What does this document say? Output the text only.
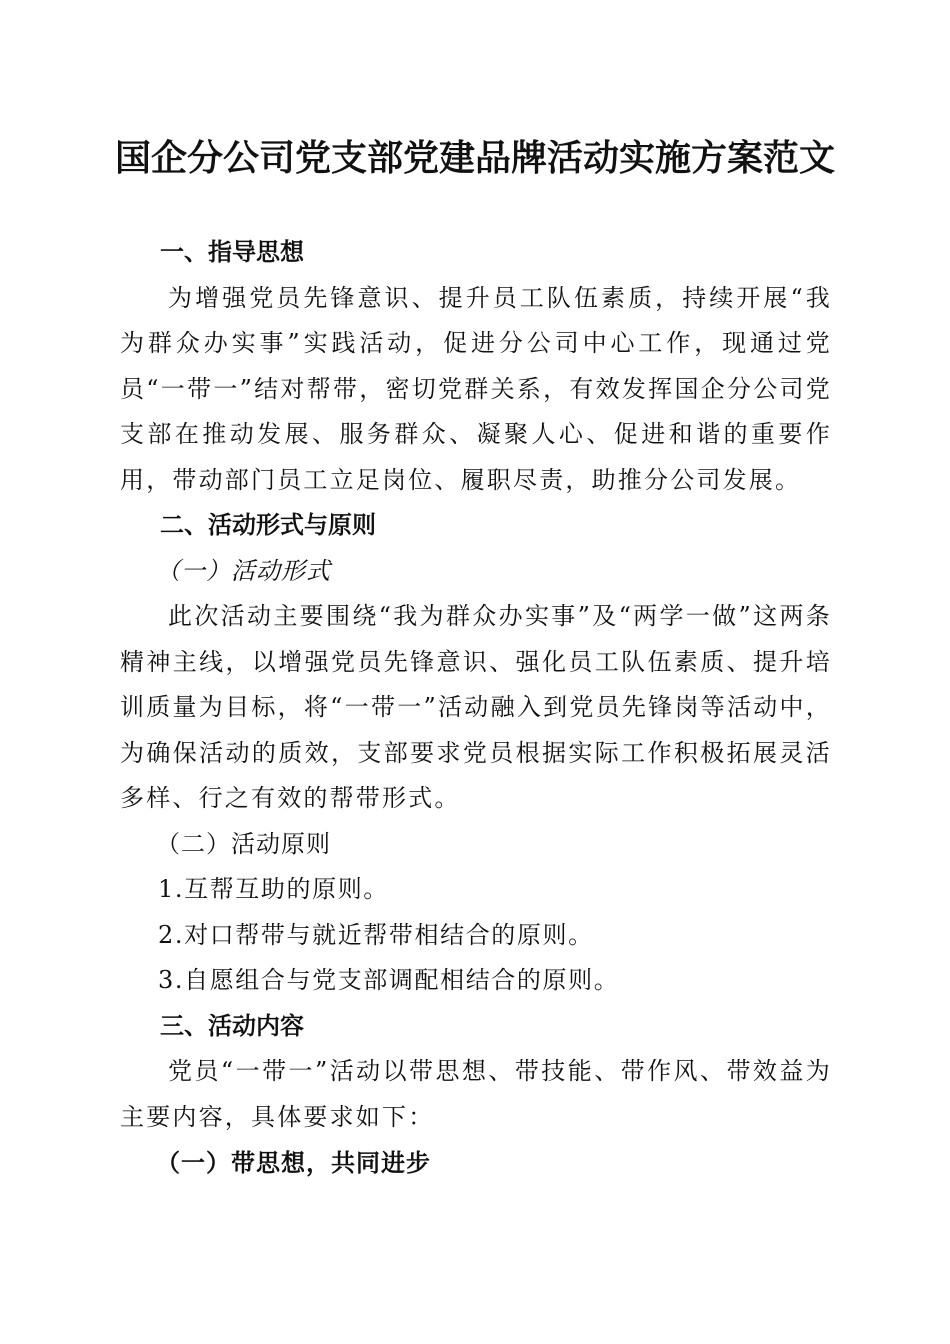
国企分公司党支部党建品牌活动实施方案范文

一、指导思想

为增强党员先锋意识、提升员工队伍素质，持续开展“我为群众办实事”实践活动，促进分公司中心工作，现通过党员“一带一”结对帮带，密切党群关系，有效发挥国企分公司党支部在推动发展、服务群众、凝聚人心、促进和谐的重要作用，带动部门员工立足岗位、履职尽责，助推分公司发展。

二、活动形式与原则

（一）活动形式

此次活动主要围绕“我为群众办实事”及“两学一做”这两条精神主线，以增强党员先锋意识、强化员工队伍素质、提升培训质量为目标，将“一带一”活动融入到党员先锋岗等活动中，为确保活动的质效，支部要求党员根据实际工作积极拓展灵活多样、行之有效的帮带形式。

（二）活动原则

1.互帮互助的原则。

2.对口帮带与就近帮带相结合的原则。

3.自愿组合与党支部调配相结合的原则。

三、活动内容

党员“一带一”活动以带思想、带技能、带作风、带效益为主要内容，具体要求如下：

（一）带思想，共同进步
